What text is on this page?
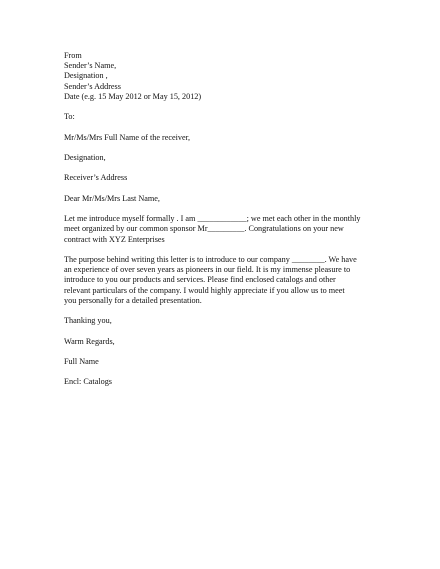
From
Sender’s Name,
Designation ,
Sender’s Address
Date (e.g. 15 May 2012 or May 15, 2012)
To:
Mr/Ms/Mrs Full Name of the receiver,
Designation,
Receiver’s Address
Dear Mr/Ms/Mrs Last Name,
Let me introduce myself formally . I am ____________; we met each other in the monthly
meet organized by our common sponsor Mr_________. Congratulations on your new
contract with XYZ Enterprises
The purpose behind writing this letter is to introduce to our company ________. We have
an experience of over seven years as pioneers in our field. It is my immense pleasure to
introduce to you our products and services. Please find enclosed catalogs and other
relevant particulars of the company. I would highly appreciate if you allow us to meet
you personally for a detailed presentation.
Thanking you,
Warm Regards,
Full Name
Encl: Catalogs
